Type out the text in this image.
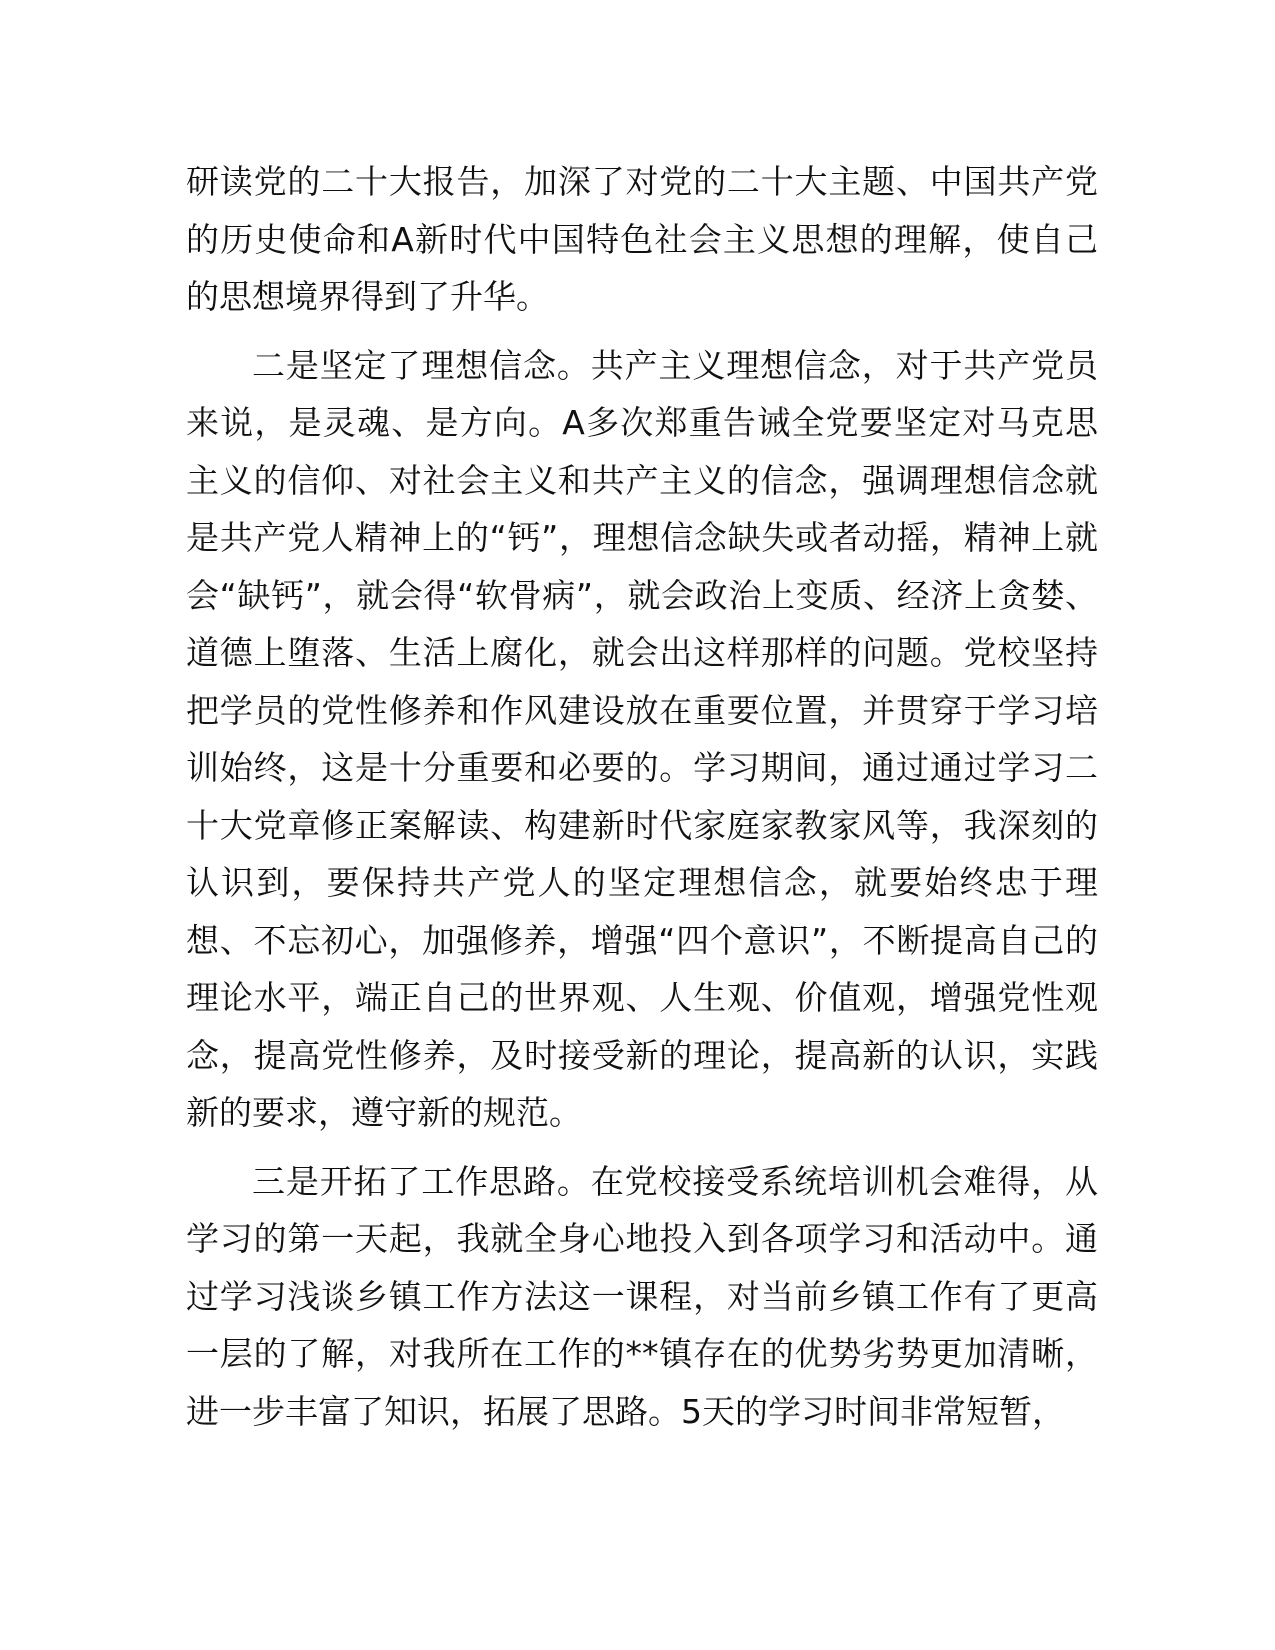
研读党的二十大报告，加深了对党的二十大主题、中国共产党的历史使命和A新时代中国特色社会主义思想的理解，使自己的思想境界得到了升华。

二是坚定了理想信念。共产主义理想信念，对于共产党员来说，是灵魂、是方向。A多次郑重告诫全党要坚定对马克思主义的信仰、对社会主义和共产主义的信念，强调理想信念就是共产党人精神上的“钙”，理想信念缺失或者动摇，精神上就会“缺钙”，就会得“软骨病”，就会政治上变质、经济上贪婪、道德上堕落、生活上腐化，就会出这样那样的问题。党校坚持把学员的党性修养和作风建设放在重要位置，并贯穿于学习培训始终，这是十分重要和必要的。学习期间，通过通过学习二十大党章修正案解读、构建新时代家庭家教家风等，我深刻的认识到，要保持共产党人的坚定理想信念，就要始终忠于理想、不忘初心，加强修养，增强“四个意识”，不断提高自己的理论水平，端正自己的世界观、人生观、价值观，增强党性观念，提高党性修养，及时接受新的理论，提高新的认识，实践新的要求，遵守新的规范。

三是开拓了工作思路。在党校接受系统培训机会难得，从学习的第一天起，我就全身心地投入到各项学习和活动中。通过学习浅谈乡镇工作方法这一课程，对当前乡镇工作有了更高一层的了解，对我所在工作的**镇存在的优势劣势更加清晰，进一步丰富了知识，拓展了思路。5天的学习时间非常短暂，
